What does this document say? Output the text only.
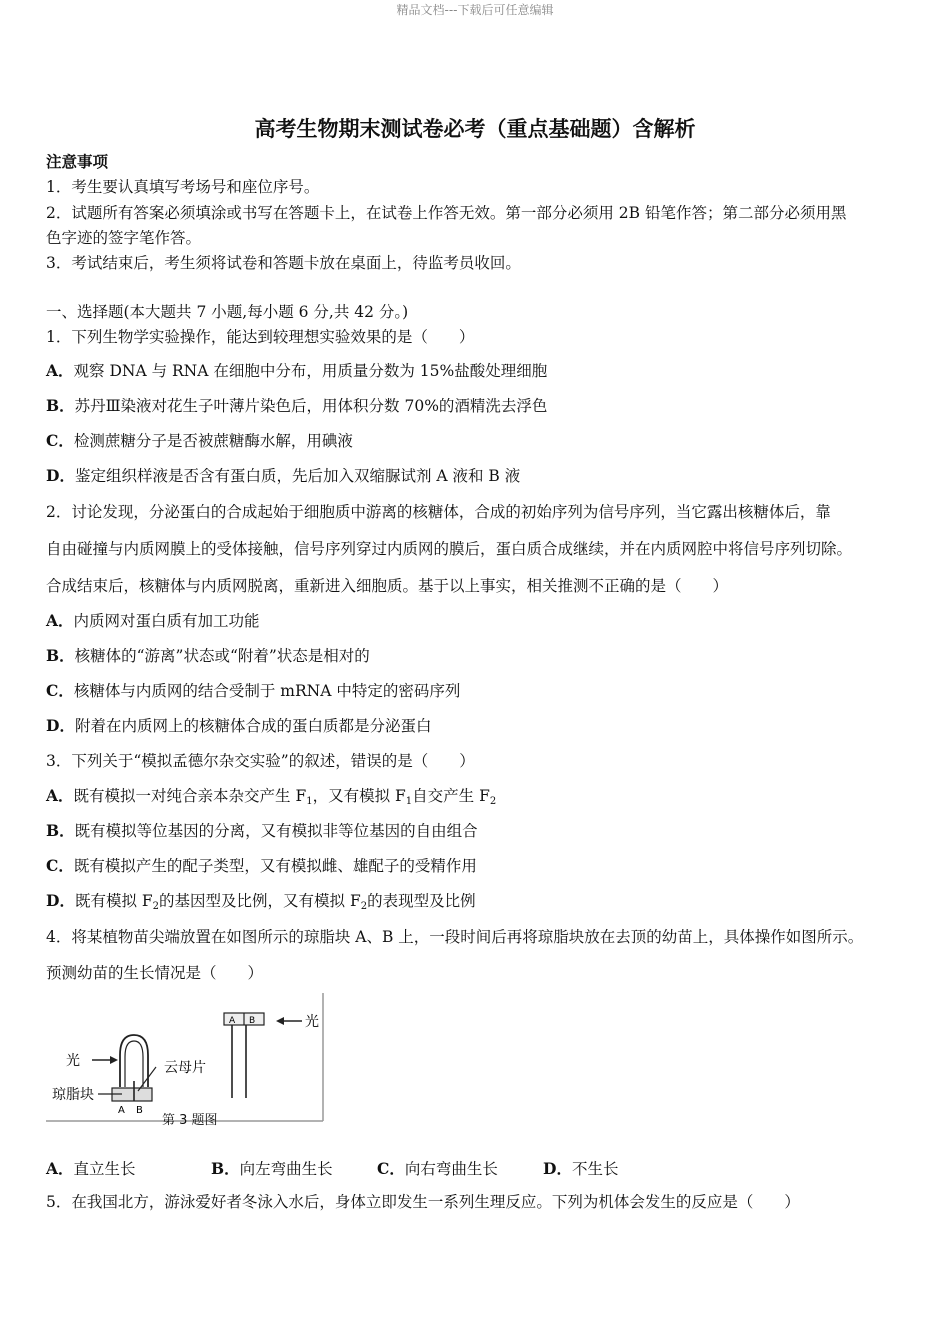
精品文档---下载后可任意编辑
高考生物期末测试卷必考（重点基础题）含解析
注意事项
1．考生要认真填写考场号和座位序号。
2．试题所有答案必须填涂或书写在答题卡上，在试卷上作答无效。第一部分必须用 2B 铅笔作答；第二部分必须用黑
色字迹的签字笔作答。
3．考试结束后，考生须将试卷和答题卡放在桌面上，待监考员收回。
一、选择题(本大题共 7 小题,每小题 6 分,共 42 分。)
1．下列生物学实验操作，能达到较理想实验效果的是（　　）
A．观察 DNA 与 RNA 在细胞中分布，用质量分数为 15%盐酸处理细胞
B．苏丹Ⅲ染液对花生子叶薄片染色后，用体积分数 70%的酒精洗去浮色
C．检测蔗糖分子是否被蔗糖酶水解，用碘液
D．鉴定组织样液是否含有蛋白质，先后加入双缩脲试剂 A 液和 B 液
2．讨论发现，分泌蛋白的合成起始于细胞质中游离的核糖体，合成的初始序列为信号序列，当它露出核糖体后，靠
自由碰撞与内质网膜上的受体接触，信号序列穿过内质网的膜后，蛋白质合成继续，并在内质网腔中将信号序列切除。
合成结束后，核糖体与内质网脱离，重新进入细胞质。基于以上事实，相关推测不正确的是（　　）
A．内质网对蛋白质有加工功能
B．核糖体的“游离”状态或“附着”状态是相对的
C．核糖体与内质网的结合受制于 mRNA 中特定的密码序列
D．附着在内质网上的核糖体合成的蛋白质都是分泌蛋白
3．下列关于“模拟孟德尔杂交实验”的叙述，错误的是（　　）
A．既有模拟一对纯合亲本杂交产生 $F_1$，又有模拟 $F_1$自交产生 $F_2$
B．既有模拟等位基因的分离，又有模拟非等位基因的自由组合
C．既有模拟产生的配子类型，又有模拟雌、雄配子的受精作用
D．既有模拟 $F_2$的基因型及比例，又有模拟 $F_2$的表现型及比例
4．将某植物苗尖端放置在如图所示的琼脂块 A、B 上，一段时间后再将琼脂块放在去顶的幼苗上，具体操作如图所示。
预测幼苗的生长情况是（　　）
光	云母片
琼脂块
A B
A B	光
第 3 题图
A．直立生长	B．向左弯曲生长	C．向右弯曲生长	D．不生长
5．在我国北方，游泳爱好者冬泳入水后，身体立即发生一系列生理反应。下列为机体会发生的反应是（　　）
